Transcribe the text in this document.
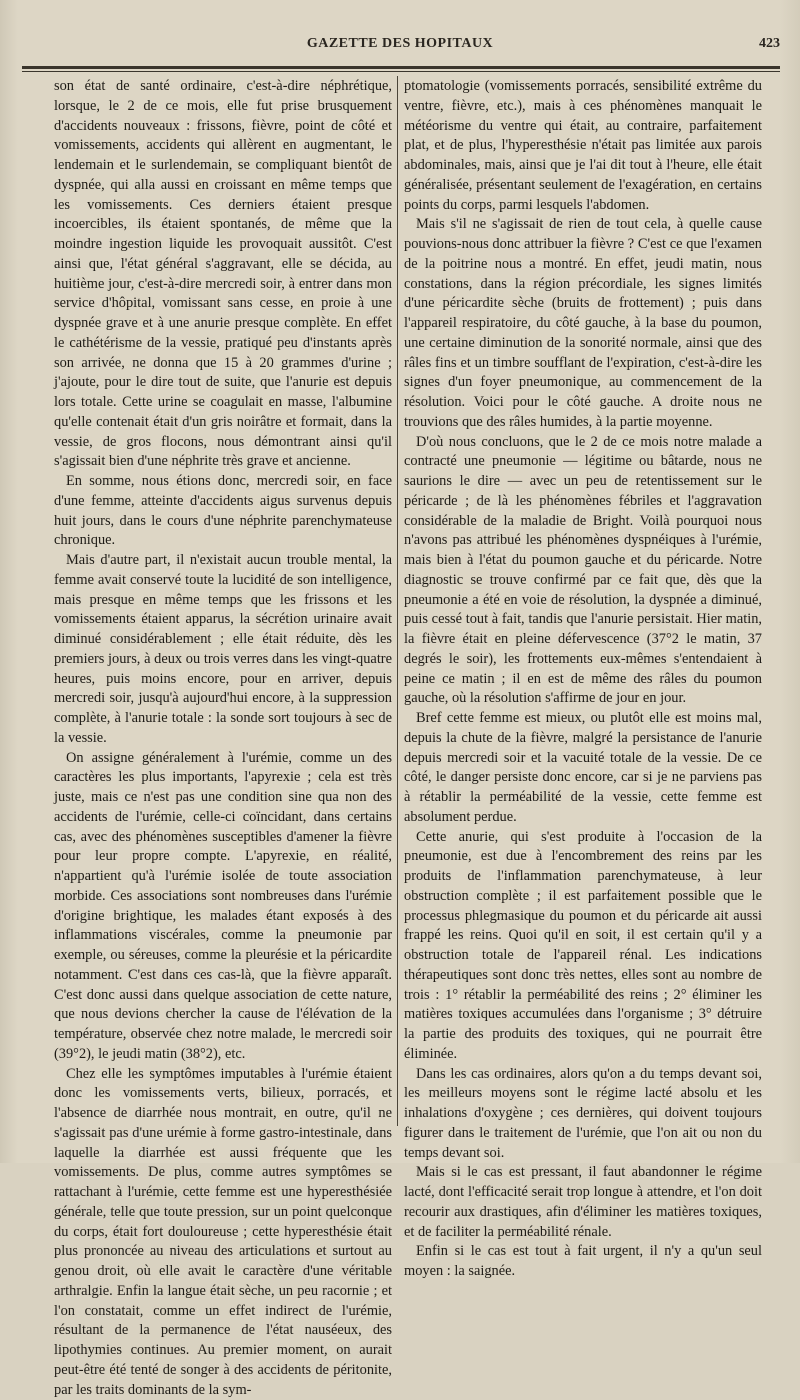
GAZETTE DES HOPITAUX	423

son état de santé ordinaire, c'est-à-dire néphrétique, lorsque, le 2 de ce mois, elle fut prise brusquement d'accidents nouveaux : frissons, fièvre, point de côté et vomissements, accidents qui allèrent en augmentant, le lendemain et le surlendemain, se compliquant bientôt de dyspnée, qui alla aussi en croissant en même temps que les vomissements. Ces derniers étaient presque incoercibles, ils étaient spontanés, de même que la moindre ingestion liquide les provoquait aussitôt. C'est ainsi que, l'état général s'aggravant, elle se décida, au huitième jour, c'est-à-dire mercredi soir, à entrer dans mon service d'hôpital, vomissant sans cesse, en proie à une dyspnée grave et à une anurie presque complète. En effet le cathétérisme de la vessie, pratiqué peu d'instants après son arrivée, ne donna que 15 à 20 grammes d'urine ; j'ajoute, pour le dire tout de suite, que l'anurie est depuis lors totale. Cette urine se coagulait en masse, l'albumine qu'elle contenait était d'un gris noirâtre et formait, dans la vessie, de gros flocons, nous démontrant ainsi qu'il s'agissait bien d'une néphrite très grave et ancienne.

En somme, nous étions donc, mercredi soir, en face d'une femme, atteinte d'accidents aigus survenus depuis huit jours, dans le cours d'une néphrite parenchymateuse chronique.

Mais d'autre part, il n'existait aucun trouble mental, la femme avait conservé toute la lucidité de son intelligence, mais presque en même temps que les frissons et les vomissements étaient apparus, la sécrétion urinaire avait diminué considérablement ; elle était réduite, dès les premiers jours, à deux ou trois verres dans les vingt-quatre heures, puis moins encore, pour en arriver, depuis mercredi soir, jusqu'à aujourd'hui encore, à la suppression complète, à l'anurie totale : la sonde sort toujours à sec de la vessie.

On assigne généralement à l'urémie, comme un des caractères les plus importants, l'apyrexie ; cela est très juste, mais ce n'est pas une condition sine qua non des accidents de l'urémie, celle-ci coïncidant, dans certains cas, avec des phénomènes susceptibles d'amener la fièvre pour leur propre compte. L'apyrexie, en réalité, n'appartient qu'à l'urémie isolée de toute association morbide. Ces associations sont nombreuses dans l'urémie d'origine brightique, les malades étant exposés à des inflammations viscérales, comme la pneumonie par exemple, ou séreuses, comme la pleurésie et la péricardite notamment. C'est dans ces cas-là, que la fièvre apparaît. C'est donc aussi dans quelque association de cette nature, que nous devions chercher la cause de l'élévation de la température, observée chez notre malade, le mercredi soir (39°2), le jeudi matin (38°2), etc.

Chez elle les symptômes imputables à l'urémie étaient donc les vomissements verts, bilieux, porracés, et l'absence de diarrhée nous montrait, en outre, qu'il ne s'agissait pas d'une urémie à forme gastro-intestinale, dans laquelle la diarrhée est aussi fréquente que les vomissements. De plus, comme autres symptômes se rattachant à l'urémie, cette femme est une hyperesthésiée générale, telle que toute pression, sur un point quelconque du corps, était fort douloureuse ; cette hyperesthésie était plus prononcée au niveau des articulations et surtout au genou droit, où elle avait le caractère d'une véritable arthralgie. Enfin la langue était sèche, un peu racornie ; et l'on constatait, comme un effet indirect de l'urémie, résultant de la permanence de l'état nauséeux, des lipothymies continues. Au premier moment, on aurait peut-être été tenté de songer à des accidents de péritonite, par les traits dominants de la sym-

ptomatologie (vomissements porracés, sensibilité extrême du ventre, fièvre, etc.), mais à ces phénomènes manquait le météorisme du ventre qui était, au contraire, parfaitement plat, et de plus, l'hyperesthésie n'était pas limitée aux parois abdominales, mais, ainsi que je l'ai dit tout à l'heure, elle était généralisée, présentant seulement de l'exagération, en certains points du corps, parmi lesquels l'abdomen.

Mais s'il ne s'agissait de rien de tout cela, à quelle cause pouvions-nous donc attribuer la fièvre ? C'est ce que l'examen de la poitrine nous a montré. En effet, jeudi matin, nous constations, dans la région précordiale, les signes limités d'une péricardite sèche (bruits de frottement) ; puis dans l'appareil respiratoire, du côté gauche, à la base du poumon, une certaine diminution de la sonorité normale, ainsi que des râles fins et un timbre soufflant de l'expiration, c'est-à-dire les signes d'un foyer pneumonique, au commencement de la résolution. Voici pour le côté gauche. A droite nous ne trouvions que des râles humides, à la partie moyenne.

D'où nous concluons, que le 2 de ce mois notre malade a contracté une pneumonie — légitime ou bâtarde, nous ne saurions le dire — avec un peu de retentissement sur le péricarde ; de là les phénomènes fébriles et l'aggravation considérable de la maladie de Bright. Voilà pourquoi nous n'avons pas attribué les phénomènes dyspnéiques à l'urémie, mais bien à l'état du poumon gauche et du péricarde. Notre diagnostic se trouve confirmé par ce fait que, dès que la pneumonie a été en voie de résolution, la dyspnée a diminué, puis cessé tout à fait, tandis que l'anurie persistait. Hier matin, la fièvre était en pleine défervescence (37°2 le matin, 37 degrés le soir), les frottements eux-mêmes s'entendaient à peine ce matin ; il en est de même des râles du poumon gauche, où la résolution s'affirme de jour en jour.

Bref cette femme est mieux, ou plutôt elle est moins mal, depuis la chute de la fièvre, malgré la persistance de l'anurie depuis mercredi soir et la vacuité totale de la vessie. De ce côté, le danger persiste donc encore, car si je ne parviens pas à rétablir la perméabilité de la vessie, cette femme est absolument perdue.

Cette anurie, qui s'est produite à l'occasion de la pneumonie, est due à l'encombrement des reins par les produits de l'inflammation parenchymateuse, à leur obstruction complète ; il est parfaitement possible que le processus phlegmasique du poumon et du péricarde ait aussi frappé les reins. Quoi qu'il en soit, il est certain qu'il y a obstruction totale de l'appareil rénal. Les indications thérapeutiques sont donc très nettes, elles sont au nombre de trois : 1° rétablir la perméabilité des reins ; 2° éliminer les matières toxiques accumulées dans l'organisme ; 3° détruire la partie des produits des toxiques, qui ne pourrait être éliminée.

Dans les cas ordinaires, alors qu'on a du temps devant soi, les meilleurs moyens sont le régime lacté absolu et les inhalations d'oxygène ; ces dernières, qui doivent toujours figurer dans le traitement de l'urémie, que l'on ait ou non du temps devant soi.

Mais si le cas est pressant, il faut abandonner le régime lacté, dont l'efficacité serait trop longue à attendre, et l'on doit recourir aux drastiques, afin d'éliminer les matières toxiques, et de faciliter la perméabilité rénale.

Enfin si le cas est tout à fait urgent, il n'y a qu'un seul moyen : la saignée.
